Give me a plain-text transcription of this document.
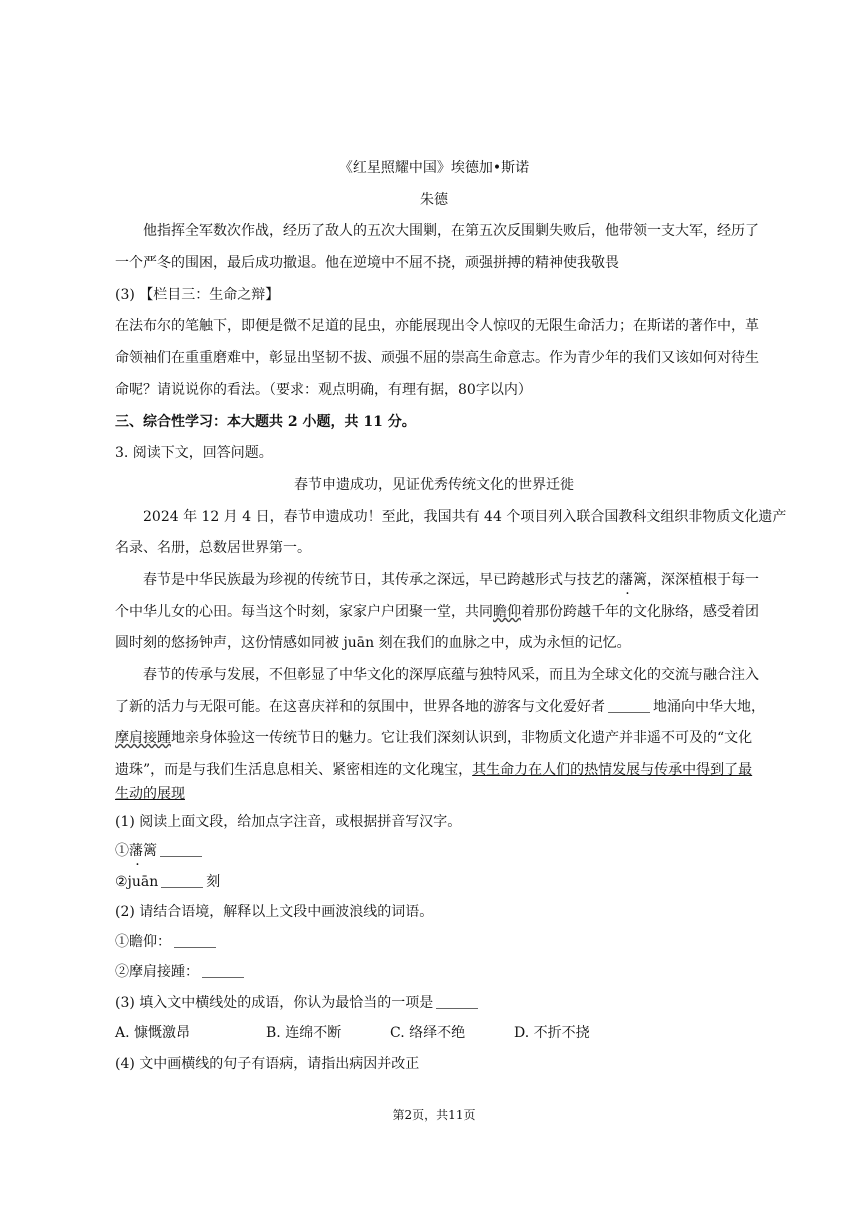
《红星照耀中国》埃德加•斯诺
朱德
他指挥全军数次作战，经历了敌人的五次大围剿，在第五次反围剿失败后，他带领一支大军，经历了
一个严冬的围困，最后成功撤退。他在逆境中不屈不挠，顽强拼搏的精神使我敬畏
(3) 【栏目三：生命之辩】
在法布尔的笔触下，即便是微不足道的昆虫，亦能展现出令人惊叹的无限生命活力；在斯诺的著作中，革
命领袖们在重重磨难中，彰显出坚韧不拔、顽强不屈的崇高生命意志。作为青少年的我们又该如何对待生
命呢？请说说你的看法。（要求：观点明确，有理有据，80字以内）
三、综合性学习：本大题共 2 小题，共 11 分。
3. 阅读下文，回答问题。
春节申遗成功，见证优秀传统文化的世界迁徙
2024 年 12 月 4 日，春节申遗成功！至此，我国共有 44 个项目列入联合国教科文组织非物质文化遗产
名录、名册，总数居世界第一。
春节是中华民族最为珍视的传统节日，其传承之深远，早已跨越形式与技艺的藩篱，深深植根于每一
个中华儿女的心田。每当这个时刻，家家户户团聚一堂，共同瞻仰着那份跨越千年的文化脉络，感受着团
圆时刻的悠扬钟声，这份情感如同被 juān 刻在我们的血脉之中，成为永恒的记忆。
春节的传承与发展，不但彰显了中华文化的深厚底蕴与独特风采，而且为全球文化的交流与融合注入
了新的活力与无限可能。在这喜庆祥和的氛围中，世界各地的游客与文化爱好者	地涌向中华大地，
摩肩接踵地亲身体验这一传统节日的魅力。它让我们深刻认识到，非物质文化遗产并非遥不可及的“文化
遗珠”，而是与我们生活息息相关、紧密相连的文化瑰宝，其生命力在人们的热情发展与传承中得到了最
生动的展现
(1) 阅读上面文段，给加点字注音，或根据拼音写汉字。
①藩篱
②juān	刻
(2) 请结合语境，解释以上文段中画波浪线的词语。
①瞻仰：
②摩肩接踵：
(3) 填入文中横线处的成语，你认为最恰当的一项是
A. 慷慨激昂	B. 连绵不断	C. 络绎不绝	D. 不折不挠
(4) 文中画横线的句子有语病，请指出病因并改正
第2页，共11页
